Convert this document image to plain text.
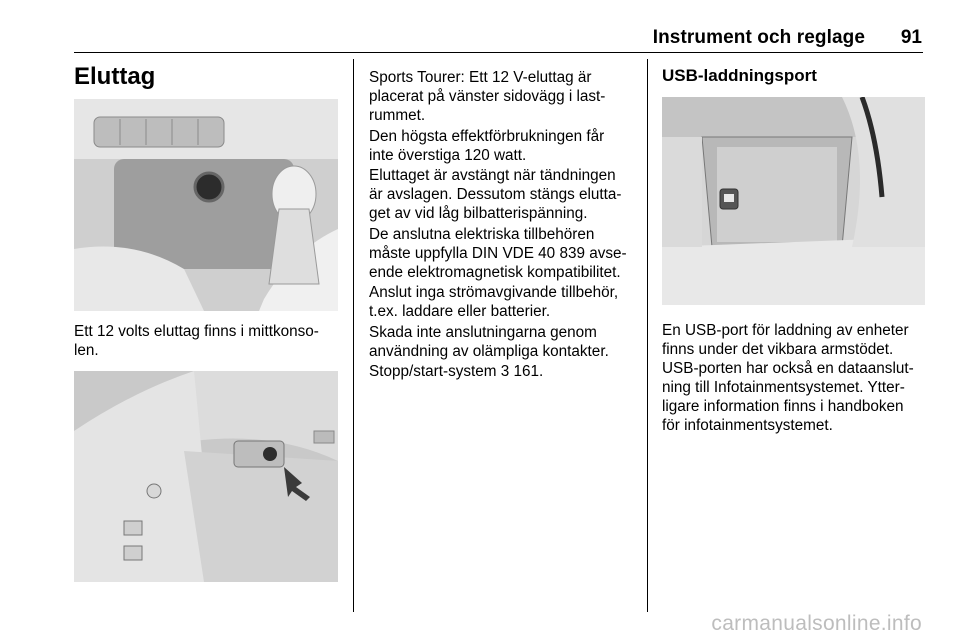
Instrument och reglage 91
Eluttag

Ett 12 volts eluttag finns i mittkonso-

len.

Sports Tourer: Ett 12 V-eluttag är

placerat på vänster sidovägg i last-

rummet.

Den högsta effektförbrukningen får

inte överstiga 120 watt.

Eluttaget är avstängt när tändningen

är avslagen. Dessutom stängs elutta-

get av vid låg bilbatterispänning.

De anslutna elektriska tillbehören

måste uppfylla DIN VDE 40 839 avse-

ende elektromagnetisk kompatibilitet.

Anslut inga strömavgivande tillbehör,

t.ex. laddare eller batterier.

Skada inte anslutningarna genom

användning av olämpliga kontakter.

Stopp/start-system 3 161.

USB-laddningsport

En USB-port för laddning av enheter

finns under det vikbara armstödet.

USB-porten har också en dataanslut-

ning till Infotainmentsystemet. Ytter-

ligare information finns i handboken

för infotainmentsystemet.

carmanualsonline.info
